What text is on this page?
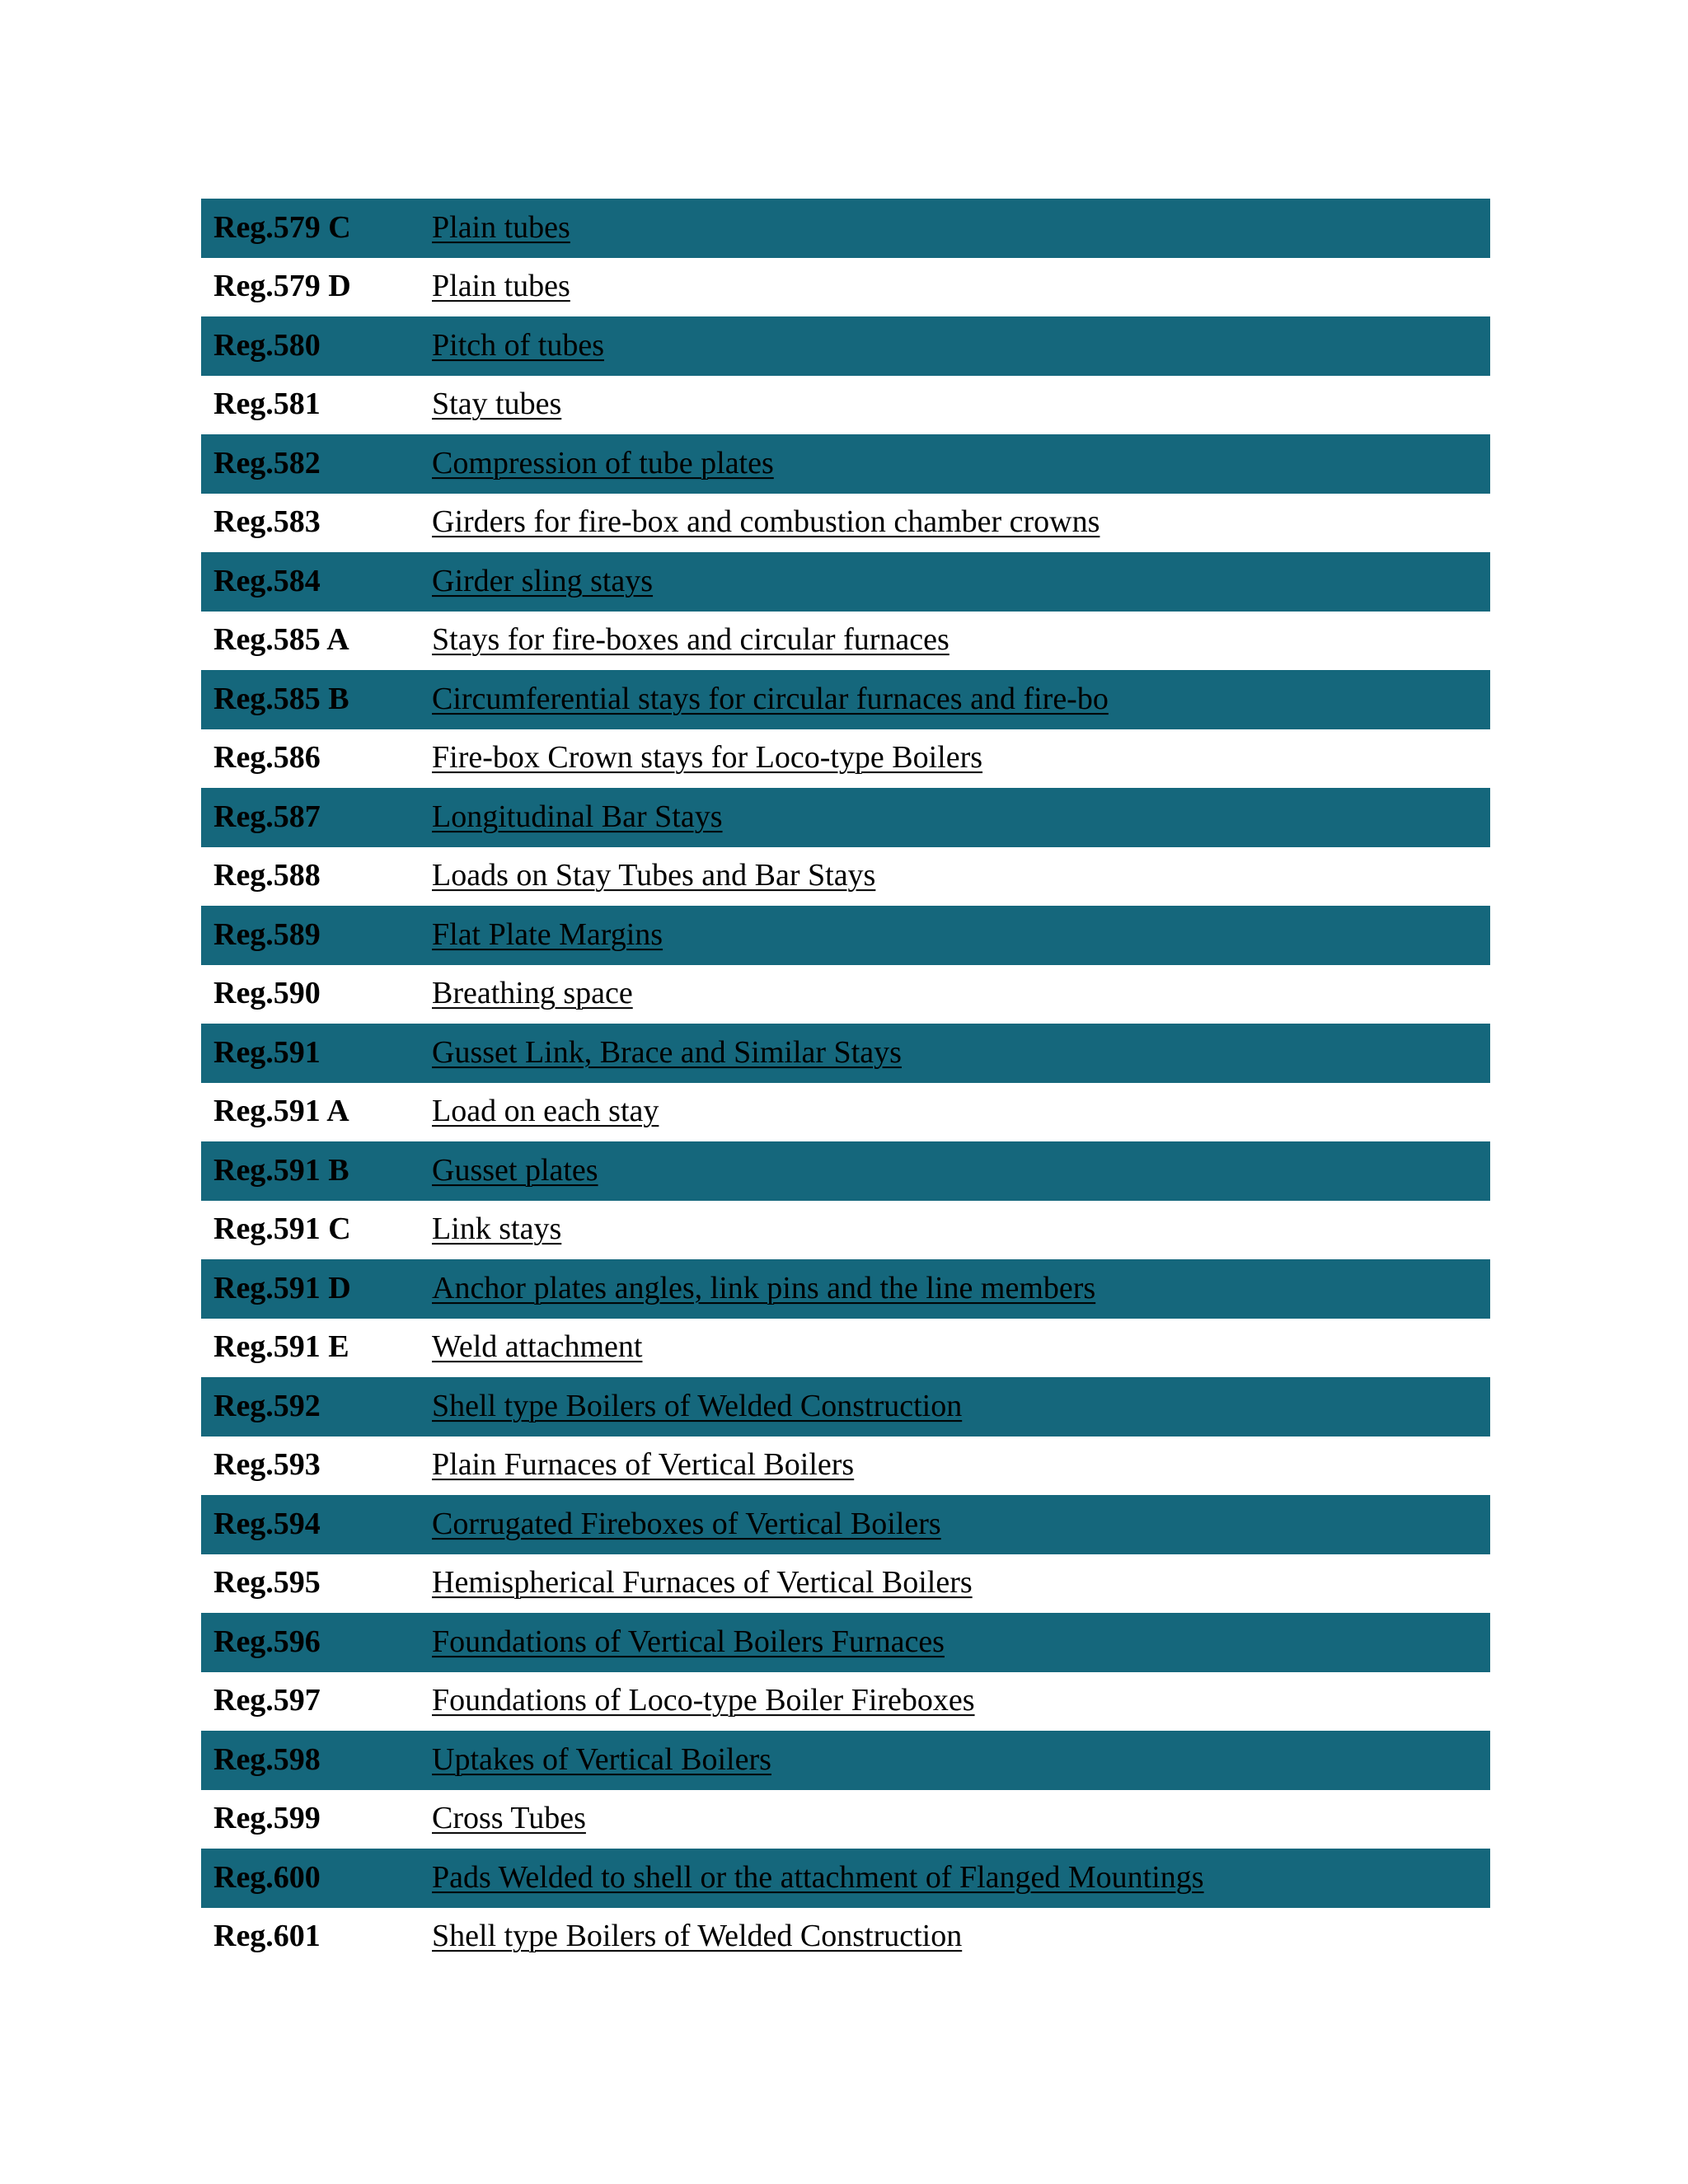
Reg.579 C	Plain tubes
Reg.579 D	Plain tubes
Reg.580	Pitch of tubes
Reg.581	Stay tubes
Reg.582	Compression of tube plates
Reg.583	Girders for fire-box and combustion chamber crowns
Reg.584	Girder sling stays
Reg.585 A	Stays for fire-boxes and circular furnaces
Reg.585 B	Circumferential stays for circular furnaces and fire-bo
Reg.586	Fire-box Crown stays for Loco-type Boilers
Reg.587	Longitudinal Bar Stays
Reg.588	Loads on Stay Tubes and Bar Stays
Reg.589	Flat Plate Margins
Reg.590	Breathing space
Reg.591	Gusset Link, Brace and Similar Stays
Reg.591 A	Load on each stay
Reg.591 B	Gusset plates
Reg.591 C	Link stays
Reg.591 D	Anchor plates angles, link pins and the line members
Reg.591 E	Weld attachment
Reg.592	Shell type Boilers of Welded Construction
Reg.593	Plain Furnaces of Vertical Boilers
Reg.594	Corrugated Fireboxes of Vertical Boilers
Reg.595	Hemispherical Furnaces of Vertical Boilers
Reg.596	Foundations of Vertical Boilers Furnaces
Reg.597	Foundations of Loco-type Boiler Fireboxes
Reg.598	Uptakes of Vertical Boilers
Reg.599	Cross Tubes
Reg.600	Pads Welded to shell or the attachment of Flanged Mountings
Reg.601	Shell type Boilers of Welded Construction
